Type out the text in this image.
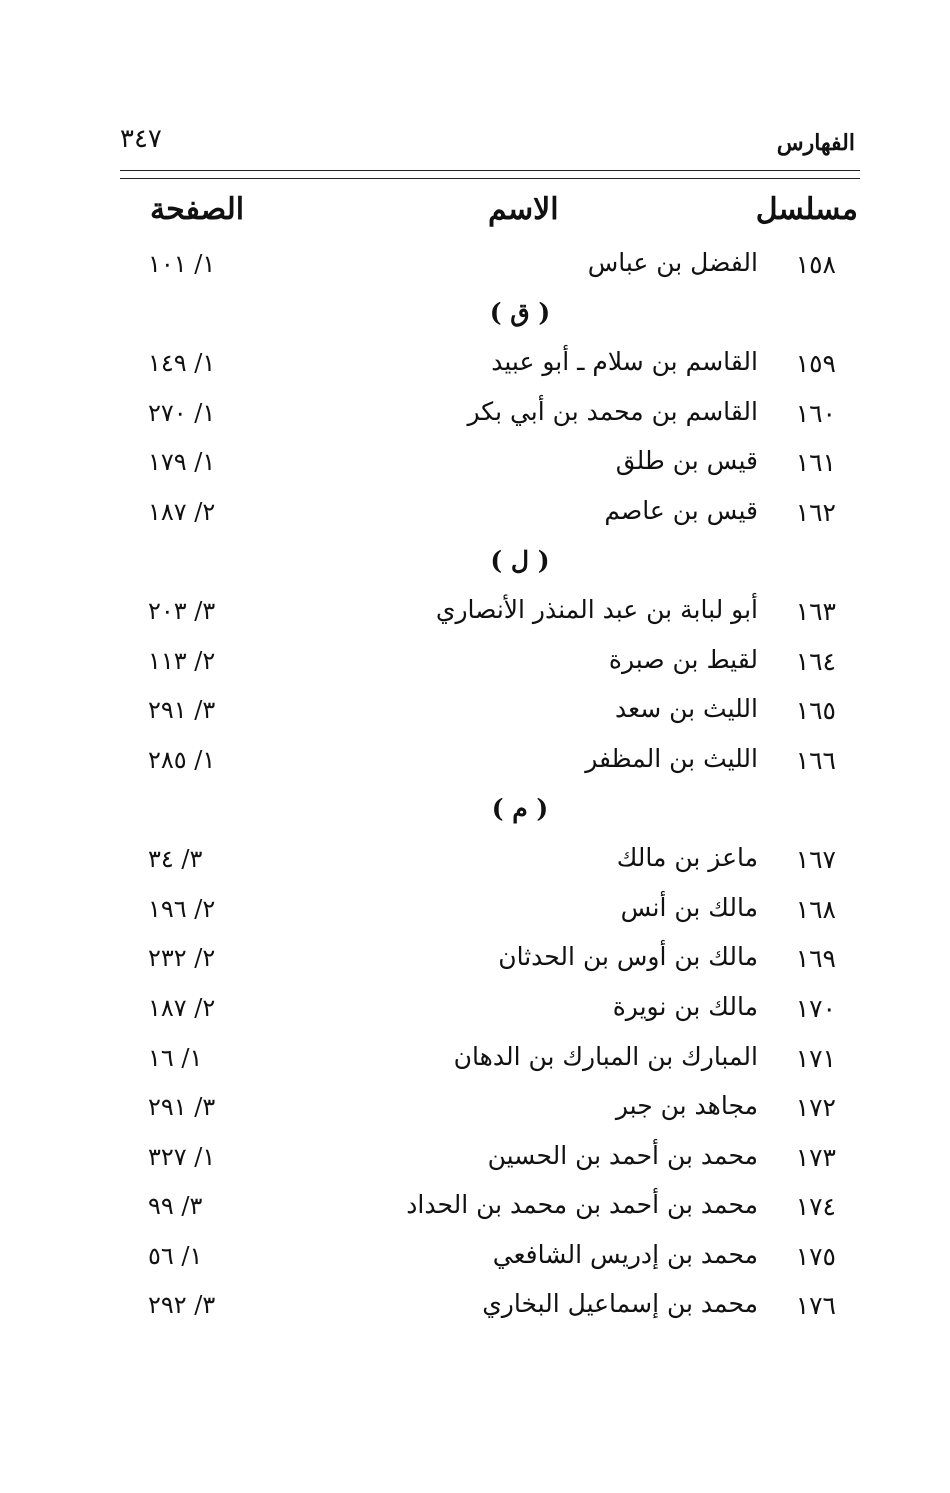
الفهارس
٣٤٧
مسلسل
الاسم
الصفحة
١٥٨
الفضل بن عباس
١/ ١٠١
( ق )
١٥٩
القاسم بن سلام ـ أبو عبيد
١/ ١٤٩
١٦٠
القاسم بن محمد بن أبي بكر
١/ ٢٧٠
١٦١
قيس بن طلق
١/ ١٧٩
١٦٢
قيس بن عاصم
٢/ ١٨٧
( ل )
١٦٣
أبو لبابة بن عبد المنذر الأنصاري
٣/ ٢٠٣
١٦٤
لقيط بن صبرة
٢/ ١١٣
١٦٥
الليث بن سعد
٣/ ٢٩١
١٦٦
الليث بن المظفر
١/ ٢٨٥
( م )
١٦٧
ماعز بن مالك
٣/ ٣٤
١٦٨
مالك بن أنس
٢/ ١٩٦
١٦٩
مالك بن أوس بن الحدثان
٢/ ٢٣٢
١٧٠
مالك بن نويرة
٢/ ١٨٧
١٧١
المبارك بن المبارك بن الدهان
١/ ١٦
١٧٢
مجاهد بن جبر
٣/ ٢٩١
١٧٣
محمد بن أحمد بن الحسين
١/ ٣٢٧
١٧٤
محمد بن أحمد بن محمد بن الحداد
٣/ ٩٩
١٧٥
محمد بن إدريس الشافعي
١/ ٥٦
١٧٦
محمد بن إسماعيل البخاري
٣/ ٢٩٢
